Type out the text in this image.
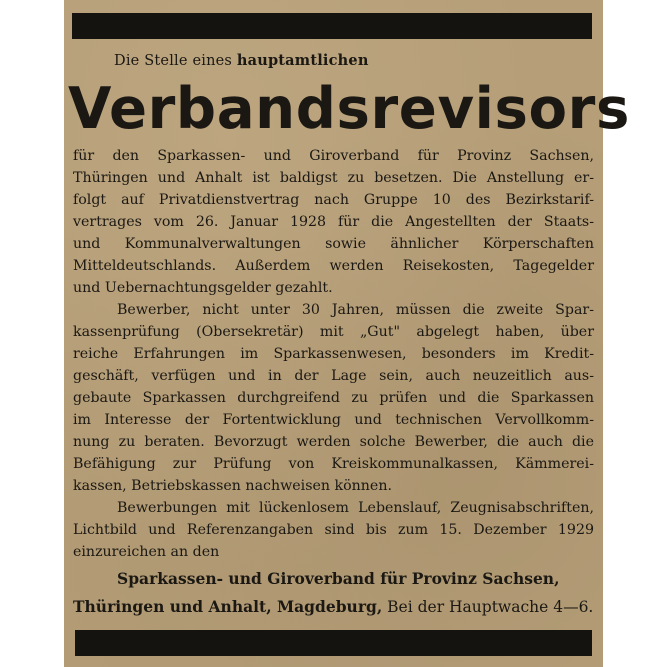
Die Stelle eines hauptamtlichen
Verbandsrevisors
für den Sparkassen- und Giroverband für Provinz Sachsen,
Thüringen und Anhalt ist baldigst zu besetzen. Die Anstellung er-
folgt auf Privatdienstvertrag nach Gruppe 10 des Bezirkstarif-
vertrages vom 26. Januar 1928 für die Angestellten der Staats-
und Kommunalverwaltungen sowie ähnlicher Körperschaften
Mitteldeutschlands. Außerdem werden Reisekosten, Tagegelder
und Uebernachtungsgelder gezahlt.
Bewerber, nicht unter 30 Jahren, müssen die zweite Spar-
kassenprüfung (Obersekretär) mit „Gut" abgelegt haben, über
reiche Erfahrungen im Sparkassenwesen, besonders im Kredit-
geschäft, verfügen und in der Lage sein, auch neuzeitlich aus-
gebaute Sparkassen durchgreifend zu prüfen und die Sparkassen
im Interesse der Fortentwicklung und technischen Vervollkomm-
nung zu beraten. Bevorzugt werden solche Bewerber, die auch die
Befähigung zur Prüfung von Kreiskommunalkassen, Kämmerei-
kassen, Betriebskassen nachweisen können.
Bewerbungen mit lückenlosem Lebenslauf, Zeugnisabschriften,
Lichtbild und Referenzangaben sind bis zum 15. Dezember 1929
einzureichen an den
Sparkassen- und Giroverband für Provinz Sachsen,
Thüringen und Anhalt, Magdeburg, Bei der Hauptwache 4—6.
